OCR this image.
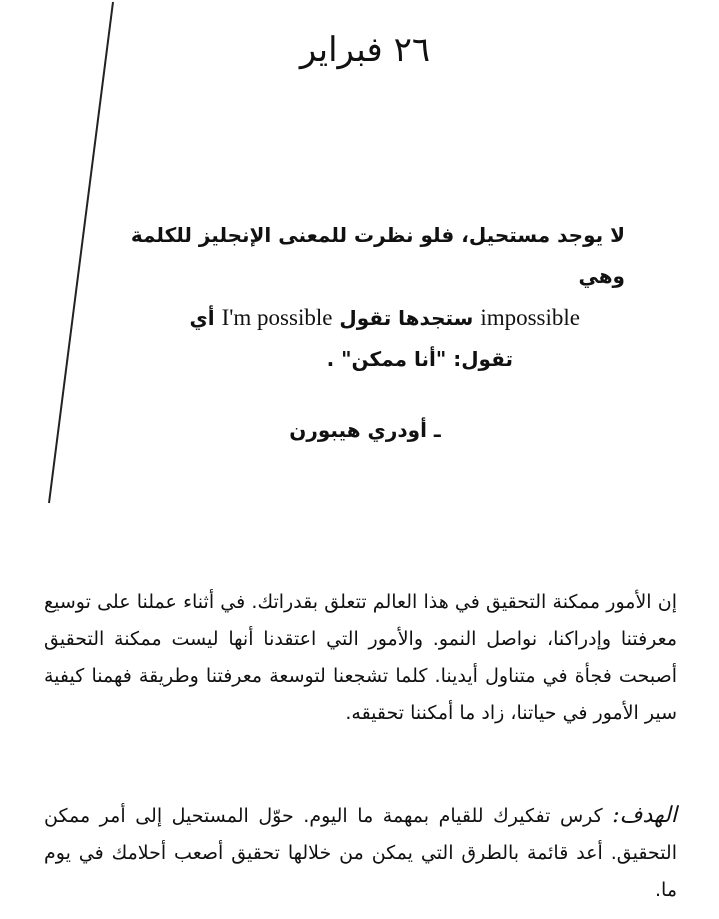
٢٦ فبراير
لا يوجد مستحيل، فلو نظرت للمعنى الإنجليز للكلمة وهي
impossible ستجدها تقول I'm possible أي
تقول: "أنا ممكن" .
ـ أودري هيبورن

إن الأمور ممكنة التحقيق في هذا العالم تتعلق بقدراتك. في أثناء عملنا على توسيع معرفتنا وإدراكنا، نواصل النمو. والأمور التي اعتقدنا أنها ليست ممكنة التحقيق أصبحت فجأة في متناول أيدينا. كلما تشجعنا لتوسعة معرفتنا وطريقة فهمنا كيفية سير الأمور في حياتنا، زاد ما أمكننا تحقيقه.

الهدف: كرس تفكيرك للقيام بمهمة ما اليوم. حوّل المستحيل إلى أمر ممكن التحقيق. أعد قائمة بالطرق التي يمكن من خلالها تحقيق أصعب أحلامك في يوم ما.
